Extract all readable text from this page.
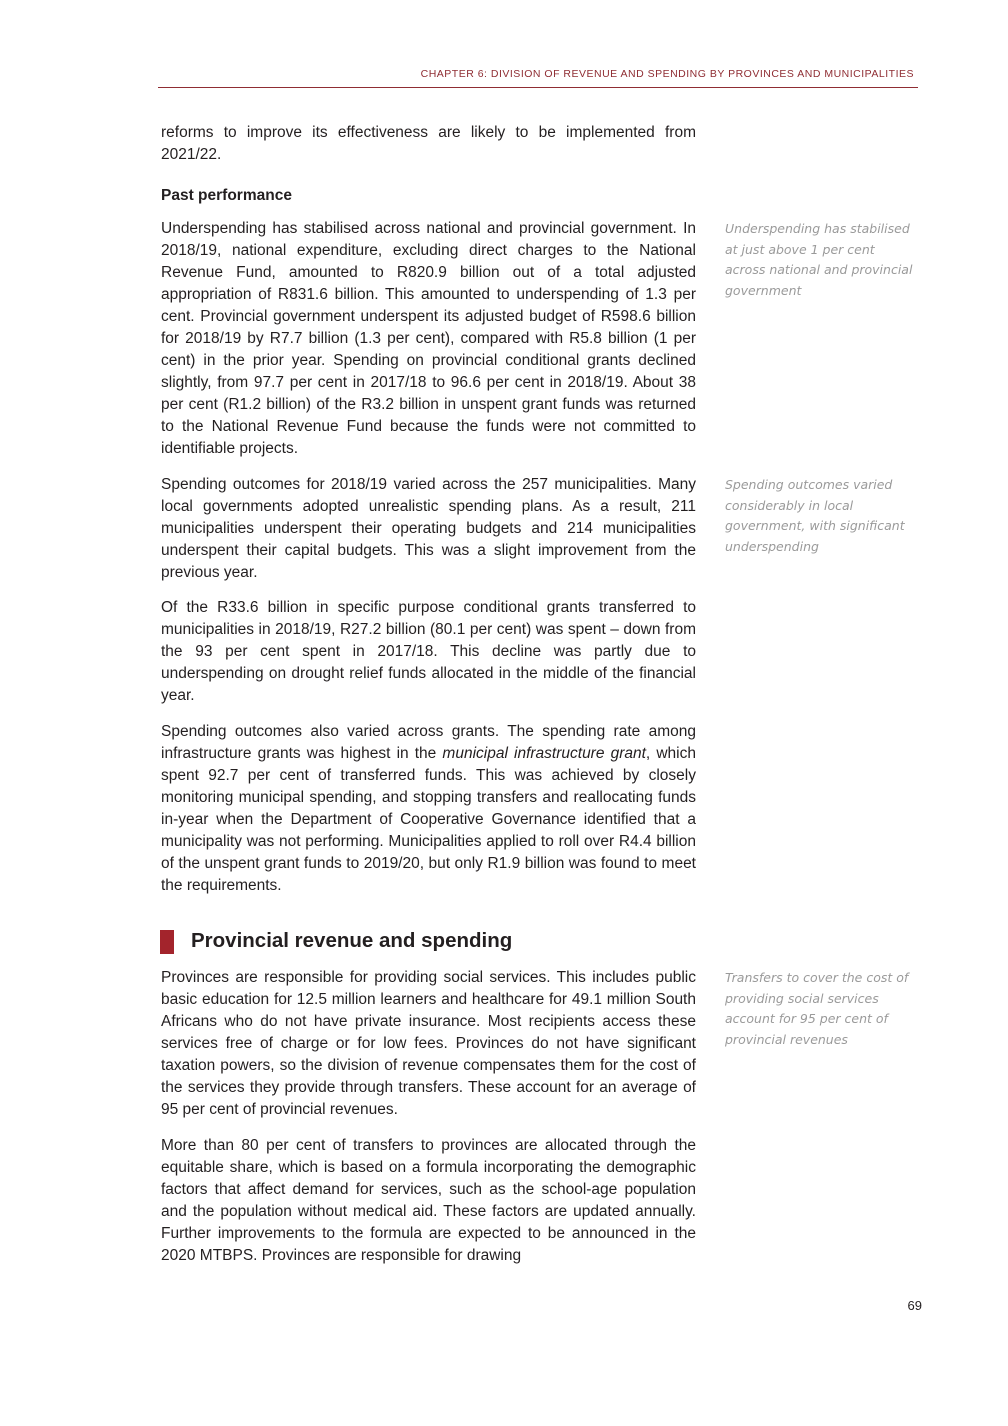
CHAPTER 6: DIVISION OF REVENUE AND SPENDING BY PROVINCES AND MUNICIPALITIES

reforms to improve its effectiveness are likely to be implemented from 2021/22.

Past performance

Underspending has stabilised across national and provincial government. In 2018/19, national expenditure, excluding direct charges to the National Revenue Fund, amounted to R820.9 billion out of a total adjusted appropriation of R831.6 billion. This amounted to underspending of 1.3 per cent. Provincial government underspent its adjusted budget of R598.6 billion for 2018/19 by R7.7 billion (1.3 per cent), compared with R5.8 billion (1 per cent) in the prior year. Spending on provincial conditional grants declined slightly, from 97.7 per cent in 2017/18 to 96.6 per cent in 2018/19. About 38 per cent (R1.2 billion) of the R3.2 billion in unspent grant funds was returned to the National Revenue Fund because the funds were not committed to identifiable projects.

Spending outcomes for 2018/19 varied across the 257 municipalities. Many local governments adopted unrealistic spending plans. As a result, 211 municipalities underspent their operating budgets and 214 municipalities underspent their capital budgets. This was a slight improvement from the previous year.

Of the R33.6 billion in specific purpose conditional grants transferred to municipalities in 2018/19, R27.2 billion (80.1 per cent) was spent – down from the 93 per cent spent in 2017/18. This decline was partly due to underspending on drought relief funds allocated in the middle of the financial year.

Spending outcomes also varied across grants. The spending rate among infrastructure grants was highest in the municipal infrastructure grant, which spent 92.7 per cent of transferred funds. This was achieved by closely monitoring municipal spending, and stopping transfers and reallocating funds in-year when the Department of Cooperative Governance identified that a municipality was not performing. Municipalities applied to roll over R4.4 billion of the unspent grant funds to 2019/20, but only R1.9 billion was found to meet the requirements.

Provincial revenue and spending

Provinces are responsible for providing social services. This includes public basic education for 12.5 million learners and healthcare for 49.1 million South Africans who do not have private insurance. Most recipients access these services free of charge or for low fees. Provinces do not have significant taxation powers, so the division of revenue compensates them for the cost of the services they provide through transfers. These account for an average of 95 per cent of provincial revenues.

More than 80 per cent of transfers to provinces are allocated through the equitable share, which is based on a formula incorporating the demographic factors that affect demand for services, such as the school-age population and the population without medical aid. These factors are updated annually. Further improvements to the formula are expected to be announced in the 2020 MTBPS. Provinces are responsible for drawing

Underspending has stabilised at just above 1 per cent across national and provincial government
Spending outcomes varied considerably in local government, with significant underspending
Transfers to cover the cost of providing social services account for 95 per cent of provincial revenues
69
